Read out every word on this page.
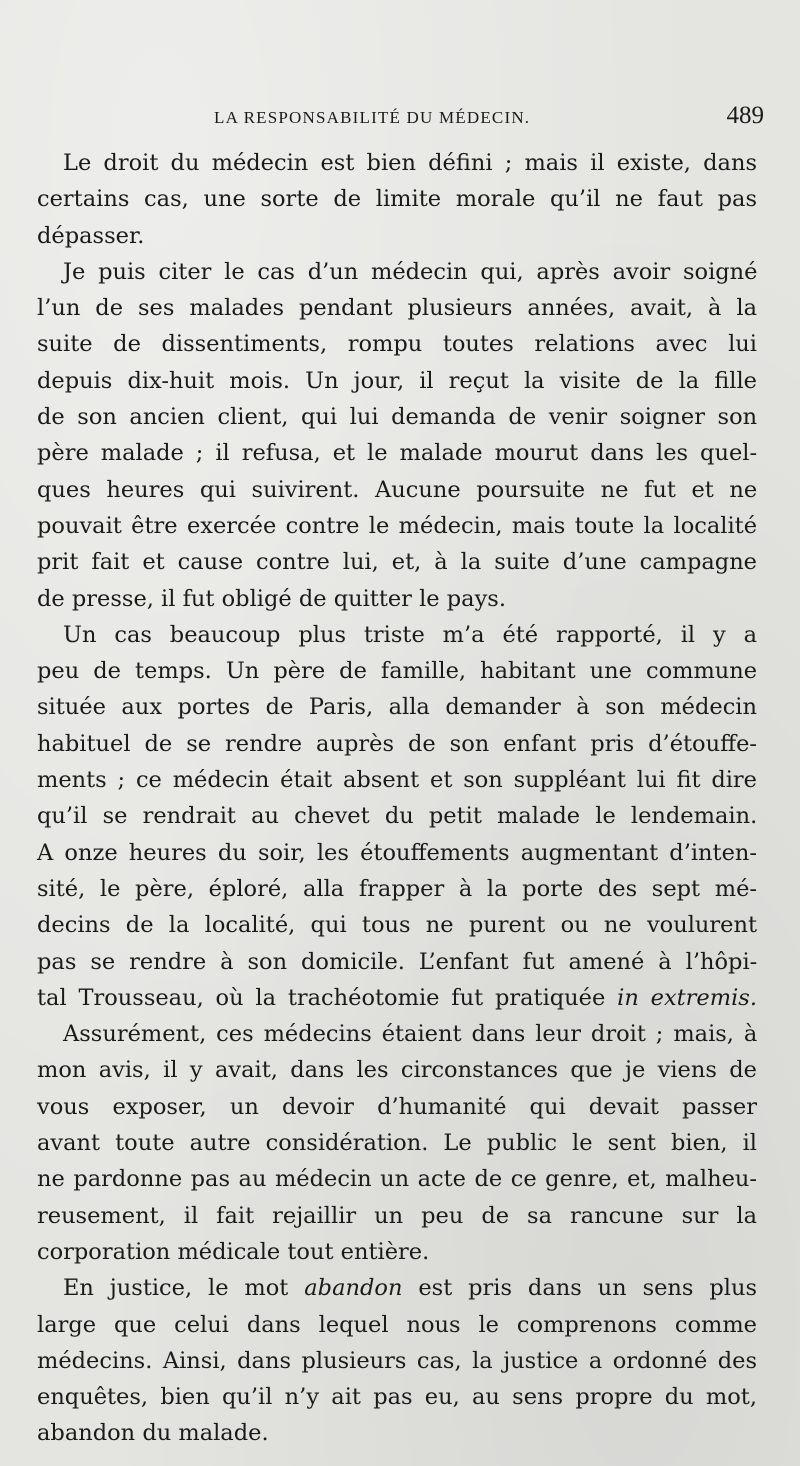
LA RESPONSABILITÉ DU MÉDECIN.	489

Le droit du médecin est bien défini ; mais il existe, dans
certains cas, une sorte de limite morale qu’il ne faut pas
dépasser.

Je puis citer le cas d’un médecin qui, après avoir soigné
l’un de ses malades pendant plusieurs années, avait, à la
suite de dissentiments, rompu toutes relations avec lui
depuis dix-huit mois. Un jour, il reçut la visite de la fille
de son ancien client, qui lui demanda de venir soigner son
père malade ; il refusa, et le malade mourut dans les quel-
ques heures qui suivirent. Aucune poursuite ne fut et ne
pouvait être exercée contre le médecin, mais toute la localité
prit fait et cause contre lui, et, à la suite d’une campagne
de presse, il fut obligé de quitter le pays.

Un cas beaucoup plus triste m’a été rapporté, il y a
peu de temps. Un père de famille, habitant une commune
située aux portes de Paris, alla demander à son médecin
habituel de se rendre auprès de son enfant pris d’étouffe-
ments ; ce médecin était absent et son suppléant lui fit dire
qu’il se rendrait au chevet du petit malade le lendemain.
A onze heures du soir, les étouffements augmentant d’inten-
sité, le père, éploré, alla frapper à la porte des sept mé-
decins de la localité, qui tous ne purent ou ne voulurent
pas se rendre à son domicile. L’enfant fut amené à l’hôpi-
tal Trousseau, où la trachéotomie fut pratiquée in extremis.

Assurément, ces médecins étaient dans leur droit ; mais, à
mon avis, il y avait, dans les circonstances que je viens de
vous exposer, un devoir d’humanité qui devait passer
avant toute autre considération. Le public le sent bien, il
ne pardonne pas au médecin un acte de ce genre, et, malheu-
reusement, il fait rejaillir un peu de sa rancune sur la
corporation médicale tout entière.

En justice, le mot abandon est pris dans un sens plus
large que celui dans lequel nous le comprenons comme
médecins. Ainsi, dans plusieurs cas, la justice a ordonné des
enquêtes, bien qu’il n’y ait pas eu, au sens propre du mot,
abandon du malade.
